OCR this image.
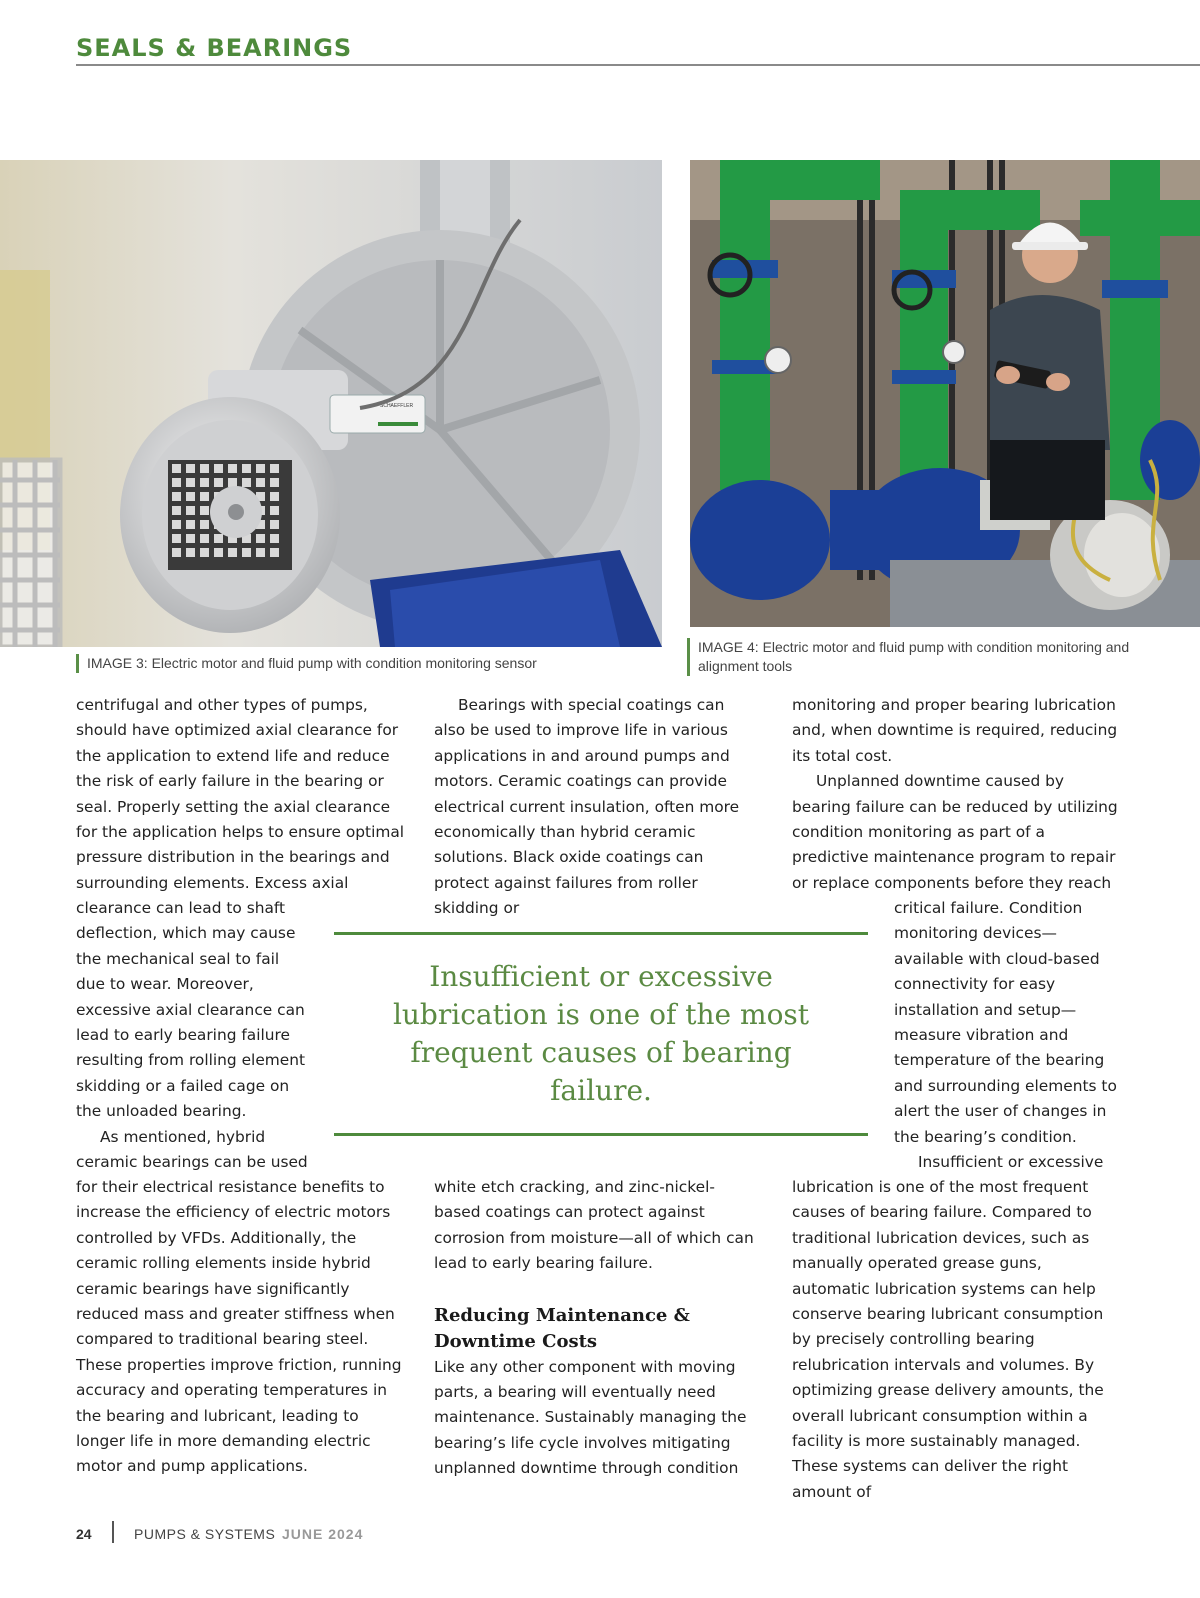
SEALS & BEARINGS
SCHAEFFLER
IMAGE 3: Electric motor and fluid pump with condition monitoring sensor
IMAGE 4: Electric motor and fluid pump with condition monitoring and alignment tools

centrifugal and other types of pumps, should have optimized axial clearance for the application to extend life and reduce the risk of early failure in the bearing or seal. Properly setting the axial clearance for the application helps to ensure optimal pressure distribution in the bearings and surrounding elements. Excess axial

clearance can lead to shaft deflection, which may cause the mechanical seal to fail due to wear. Moreover, excessive axial clearance can lead to early bearing failure resulting from rolling element skidding or a failed cage on the unloaded bearing.

As mentioned, hybrid ceramic bearings can be used

for their electrical resistance benefits to increase the efficiency of electric motors controlled by VFDs. Additionally, the ceramic rolling elements inside hybrid ceramic bearings have significantly reduced mass and greater stiffness when compared to traditional bearing steel. These properties improve friction, running accuracy and operating temperatures in the bearing and lubricant, leading to longer life in more demanding electric motor and pump applications.

Bearings with special coatings can also be used to improve life in various applications in and around pumps and motors. Ceramic coatings can provide electrical current insulation, often more economically than hybrid ceramic solutions. Black oxide coatings can protect against failures from roller skidding or

white etch cracking, and zinc-nickel-based coatings can protect against corrosion from moisture—all of which can lead to early bearing failure.

Reducing Maintenance & Downtime Costs

Like any other component with moving parts, a bearing will eventually need maintenance. Sustainably managing the bearing’s life cycle involves mitigating unplanned downtime through condition

monitoring and proper bearing lubrication and, when downtime is required, reducing its total cost.

Unplanned downtime caused by bearing failure can be reduced by utilizing condition monitoring as part of a predictive maintenance program to repair or replace components before they reach

critical failure. Condition monitoring devices—available with cloud-based connectivity for easy installation and setup—measure vibration and temperature of the bearing and surrounding elements to alert the user of changes in the bearing’s condition.

Insufficient or excessive

lubrication is one of the most frequent causes of bearing failure. Compared to traditional lubrication devices, such as manually operated grease guns, automatic lubrication systems can help conserve bearing lubricant consumption by precisely controlling bearing relubrication intervals and volumes. By optimizing grease delivery amounts, the overall lubricant consumption within a facility is more sustainably managed. These systems can deliver the right amount of

Insufficient or excessive lubrication is one of the most frequent causes of bearing failure.
24	PUMPS & SYSTEMS JUNE 2024
